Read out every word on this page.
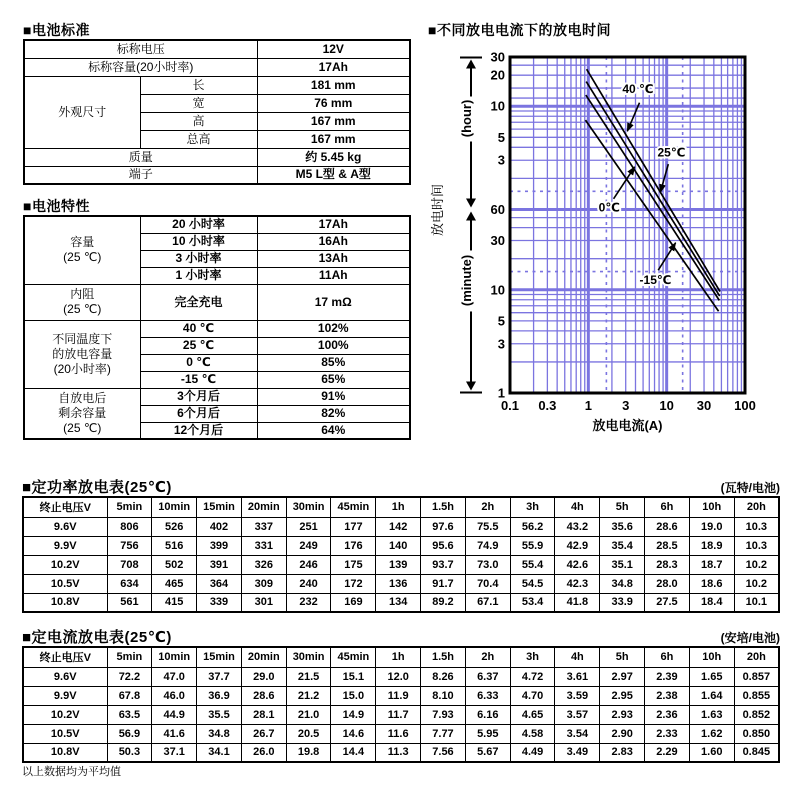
■电池标准
标称电压		12V
标称容量(20小时率)		17Ah
外观尺寸	长	181 mm
	宽	76 mm
	高	167 mm
	总高	167 mm
质量		约 5.45 kg
端子		M5 L型 & A型
■电池特性
容量
(25 ℃)	20 小时率	17Ah
	10 小时率	16Ah
	3 小时率	13Ah
	1 小时率	11Ah
内阻
(25 ℃)	完全充电	17 mΩ
不同温度下
的放电容量
(20小时率)	40 ℃	102%
	25 ℃	100%
	0 ℃	85%
	-15 ℃	65%
自放电后
剩余容量
(25 ℃)	3个月后	91%
	6个月后	82%
	12个月后	64%
■不同放电电流下的放电时间
40 ℃
25℃
0℃
-15℃
30
20
10
5
3
60
30
10
5
3
1
0.1 0.3 1 3 10 30 100
放电电流(A)
(hour)
(minute)
放电时间
■定功率放电表(25℃)	(瓦特/电池)
终止电压V	5min	10min	15min	20min	30min	45min	1h	1.5h	2h	3h	4h	5h	6h	10h	20h
9.6V	806	526	402	337	251	177	142	97.6	75.5	56.2	43.2	35.6	28.6	19.0	10.3
9.9V	756	516	399	331	249	176	140	95.6	74.9	55.9	42.9	35.4	28.5	18.9	10.3
10.2V	708	502	391	326	246	175	139	93.7	73.0	55.4	42.6	35.1	28.3	18.7	10.2
10.5V	634	465	364	309	240	172	136	91.7	70.4	54.5	42.3	34.8	28.0	18.6	10.2
10.8V	561	415	339	301	232	169	134	89.2	67.1	53.4	41.8	33.9	27.5	18.4	10.1
■定电流放电表(25℃)	(安培/电池)
终止电压V	5min	10min	15min	20min	30min	45min	1h	1.5h	2h	3h	4h	5h	6h	10h	20h
9.6V	72.2	47.0	37.7	29.0	21.5	15.1	12.0	8.26	6.37	4.72	3.61	2.97	2.39	1.65	0.857
9.9V	67.8	46.0	36.9	28.6	21.2	15.0	11.9	8.10	6.33	4.70	3.59	2.95	2.38	1.64	0.855
10.2V	63.5	44.9	35.5	28.1	21.0	14.9	11.7	7.93	6.16	4.65	3.57	2.93	2.36	1.63	0.852
10.5V	56.9	41.6	34.8	26.7	20.5	14.6	11.6	7.77	5.95	4.58	3.54	2.90	2.33	1.62	0.850
10.8V	50.3	37.1	34.1	26.0	19.8	14.4	11.3	7.56	5.67	4.49	3.49	2.83	2.29	1.60	0.845
以上数据均为平均值
